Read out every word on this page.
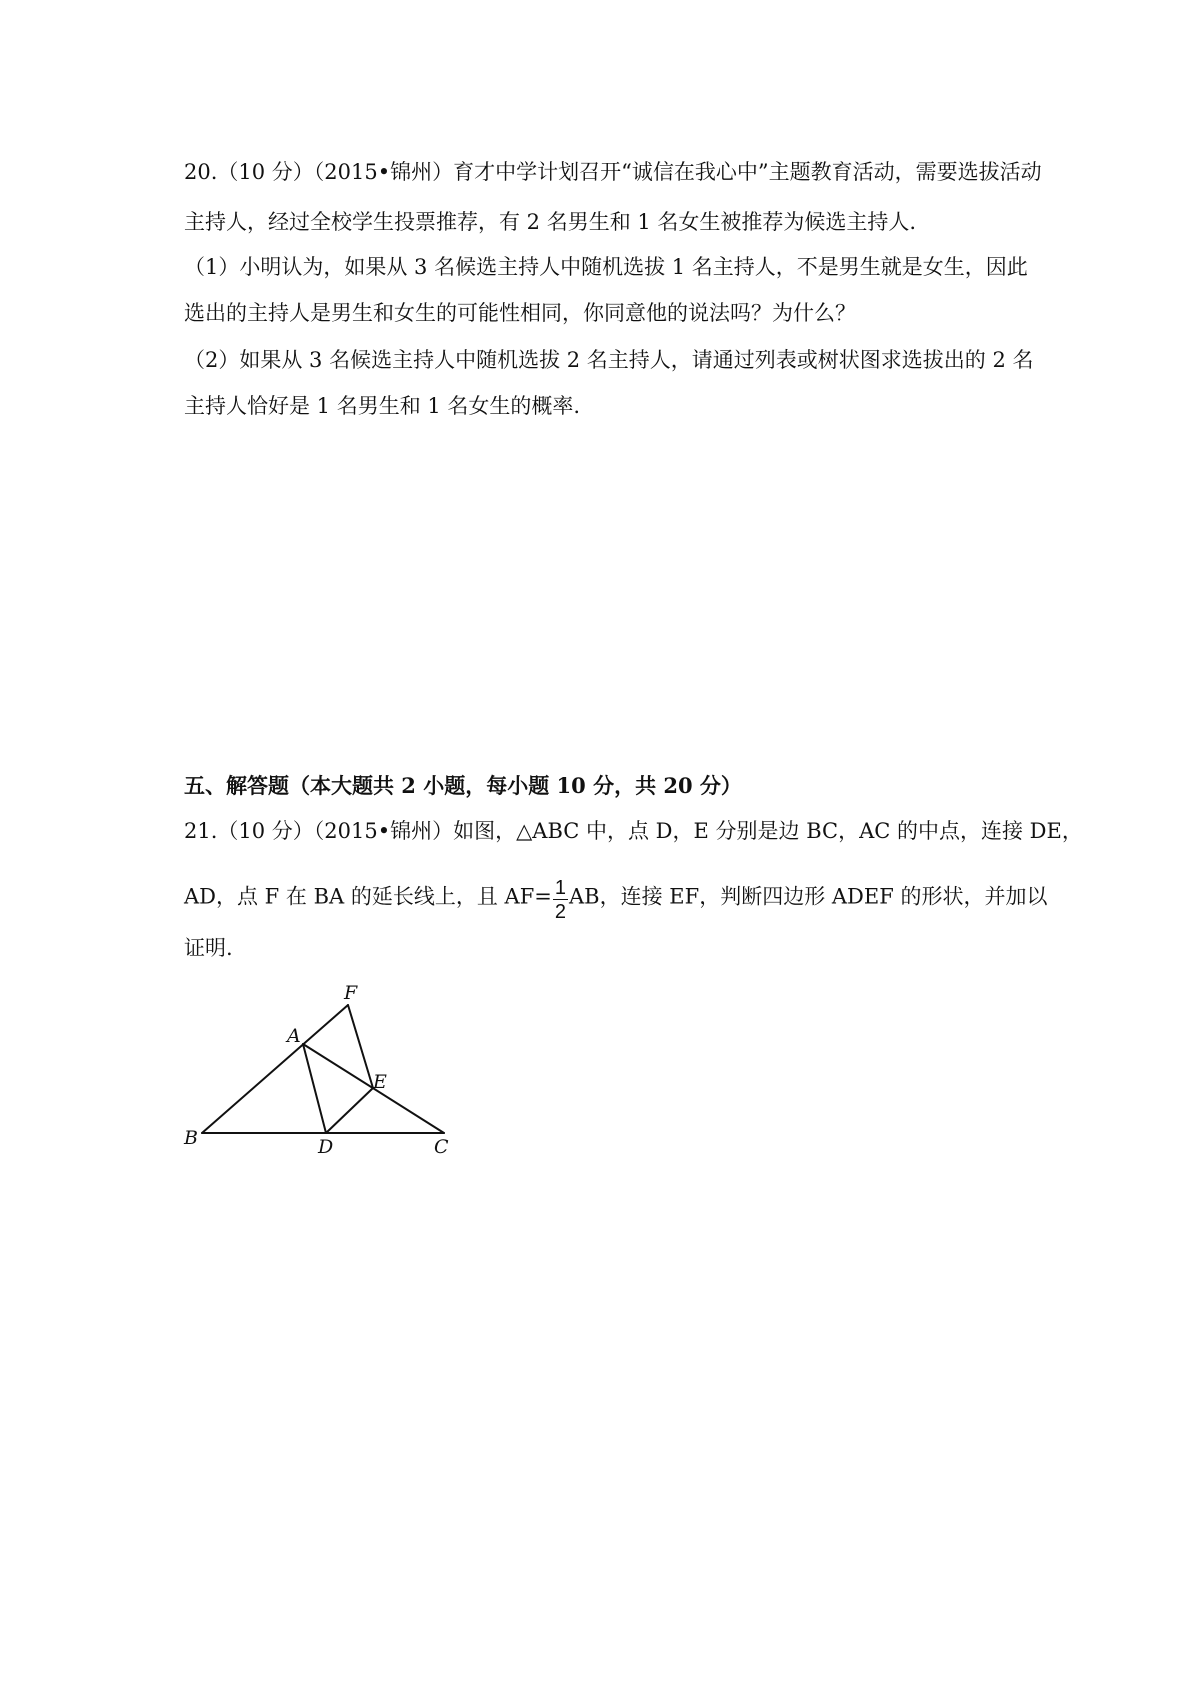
20.（10 分）（2015•锦州）育才中学计划召开“诚信在我心中”主题教育活动，需要选拔活动
主持人，经过全校学生投票推荐，有 2 名男生和 1 名女生被推荐为候选主持人.
（1）小明认为，如果从 3 名候选主持人中随机选拔 1 名主持人，不是男生就是女生，因此
选出的主持人是男生和女生的可能性相同，你同意他的说法吗？为什么？
（2）如果从 3 名候选主持人中随机选拔 2 名主持人，请通过列表或树状图求选拔出的 2 名
主持人恰好是 1 名男生和 1 名女生的概率.
五、解答题（本大题共 2 小题，每小题 10 分，共 20 分）
21.（10 分）（2015•锦州）如图，△ABC 中，点 D，E 分别是边 BC，AC 的中点，连接 DE，
AD，点 F 在 BA 的延长线上，且 $AF= \frac{1}{2}$ AB，连接 EF，判断四边形 ADEF 的形状，并加以
证明.
F
A
E
B	D	C
